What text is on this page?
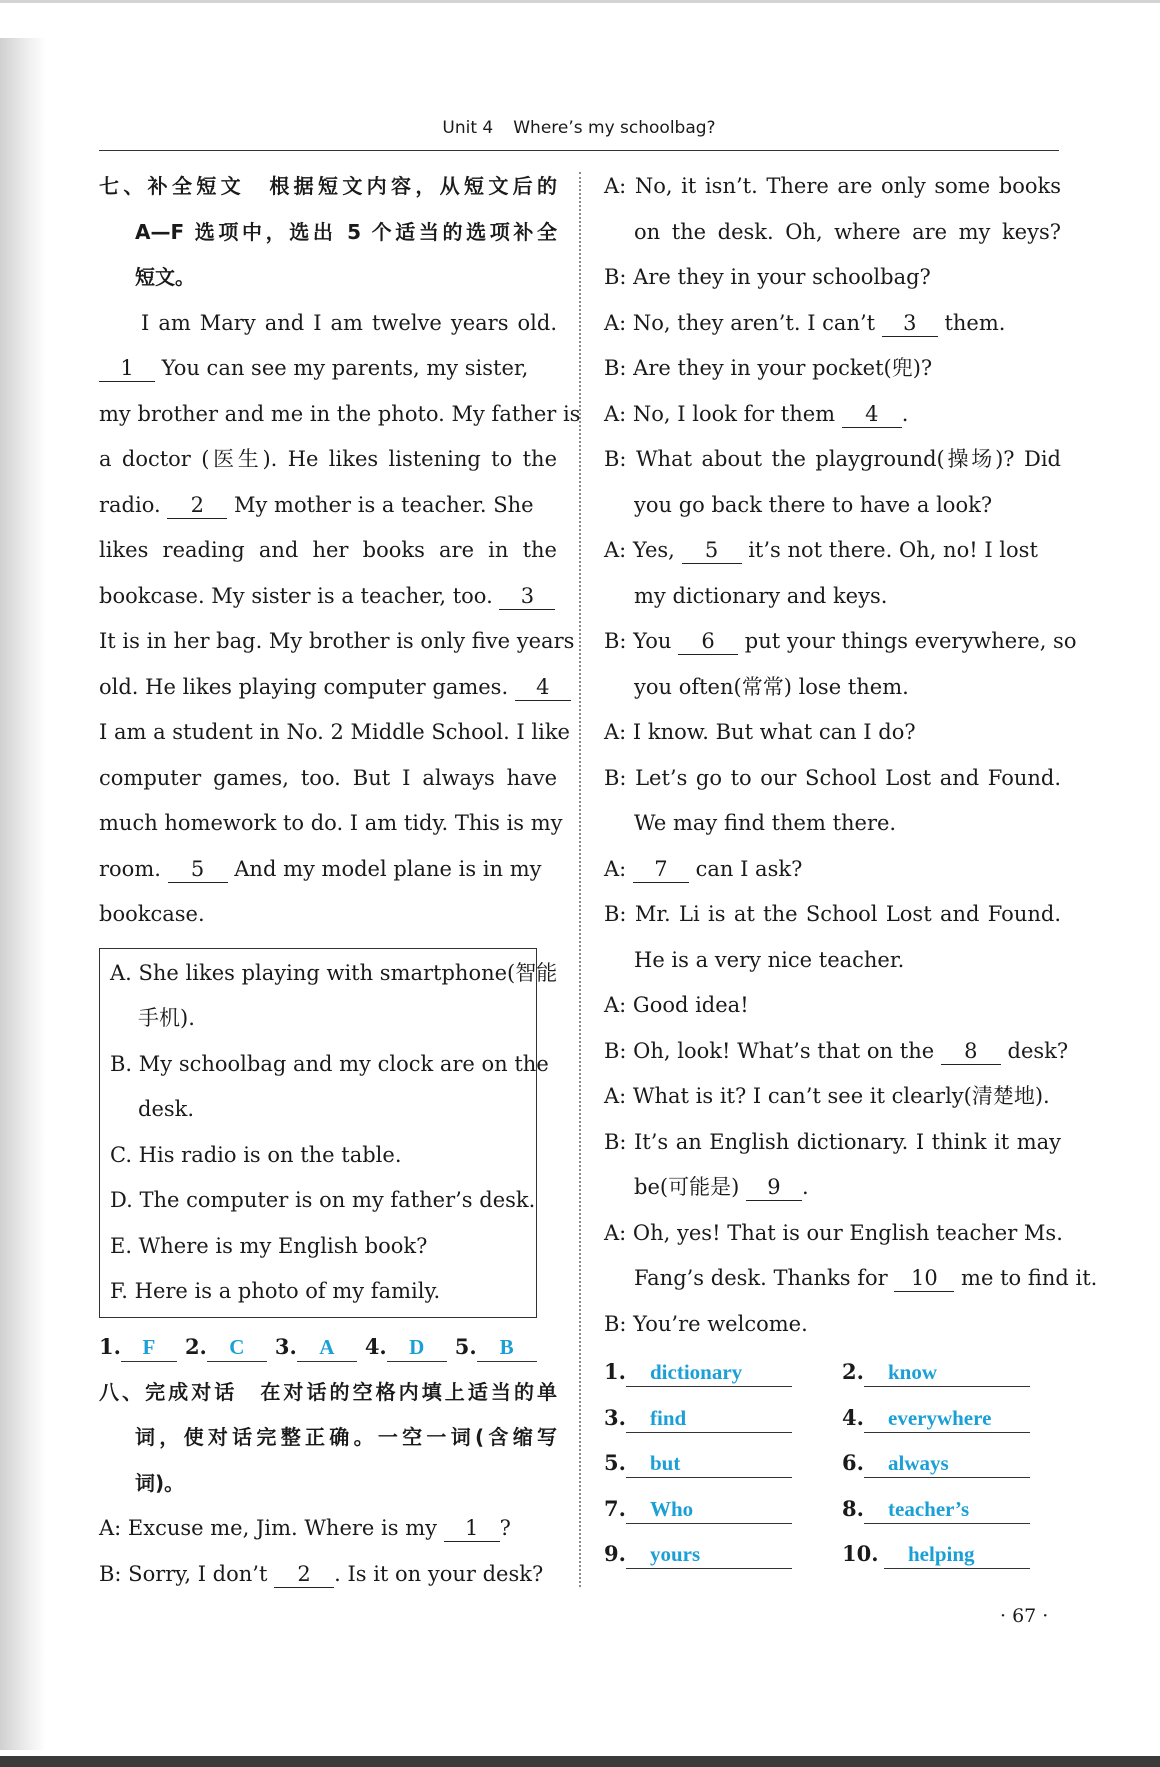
Unit 4 Where’s my schoolbag?
七、补全短文　根据短文内容，从短文后的
A—F 选项中，选出 5 个适当的选项补全
短文。
I am Mary and I am twelve years old.
1 You can see my parents, my sister,
my brother and me in the photo. My father is
a doctor (医生). He likes listening to the
radio. 2 My mother is a teacher. She
likes reading and her books are in the
bookcase. My sister is a teacher, too. 3
It is in her bag. My brother is only five years
old. He likes playing computer games. 4
I am a student in No. 2 Middle School. I like
computer games, too. But I always have
much homework to do. I am tidy. This is my
room. 5 And my model plane is in my
bookcase.
A. She likes playing with smartphone(智能
手机).
B. My schoolbag and my clock are on the
desk.
C. His radio is on the table.
D. The computer is on my father’s desk.
E. Where is my English book?
F. Here is a photo of my family.
1. F 2. C 3. A 4. D 5. B
八、完成对话　在对话的空格内填上适当的单
词，使对话完整正确。一空一词(含缩写
词)。
A: Excuse me, Jim. Where is my 1 ?
B: Sorry, I don’t 2 . Is it on your desk?
A: No, it isn’t. There are only some books
on the desk. Oh, where are my keys?
B: Are they in your schoolbag?
A: No, they aren’t. I can’t 3 them.
B: Are they in your pocket(兜)?
A: No, I look for them 4 .
B: What about the playground(操场)? Did
you go back there to have a look?
A: Yes, 5 it’s not there. Oh, no! I lost
my dictionary and keys.
B: You 6 put your things everywhere, so
you often(常常) lose them.
A: I know. But what can I do?
B: Let’s go to our School Lost and Found.
We may find them there.
A: 7 can I ask?
B: Mr. Li is at the School Lost and Found.
He is a very nice teacher.
A: Good idea!
B: Oh, look! What’s that on the 8 desk?
A: What is it? I can’t see it clearly(清楚地).
B: It’s an English dictionary. I think it may
be(可能是) 9 .
A: Oh, yes! That is our English teacher Ms.
Fang’s desk. Thanks for 10 me to find it.
B: You’re welcome.
1. dictionary	2. know
3. find	4. everywhere
5. but	6. always
7. Who	8. teacher’s
9. yours	10. helping
· 67 ·
